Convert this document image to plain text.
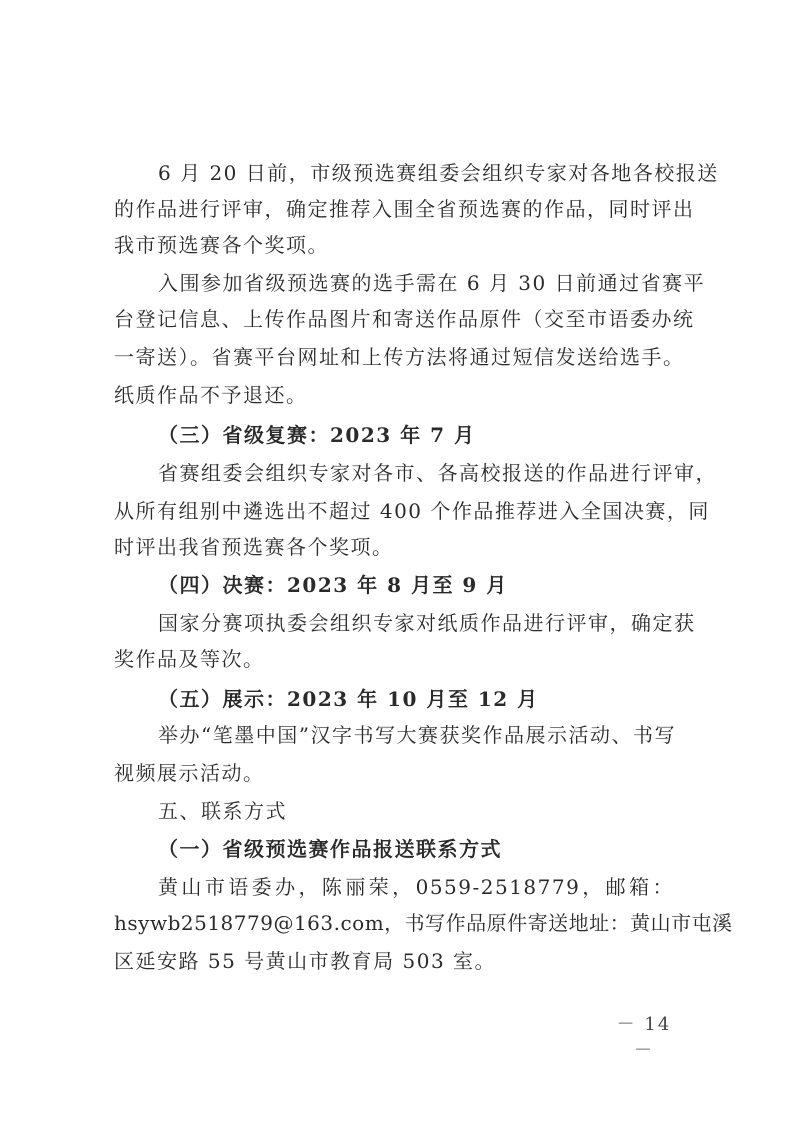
6 月 20 日前，市级预选赛组委会组织专家对各地各校报送
的作品进行评审，确定推荐入围全省预选赛的作品，同时评出
我市预选赛各个奖项。
入围参加省级预选赛的选手需在 6 月 30 日前通过省赛平
台登记信息、上传作品图片和寄送作品原件（交至市语委办统
一寄送）。省赛平台网址和上传方法将通过短信发送给选手。
纸质作品不予退还。
（三）省级复赛：2023 年 7 月
省赛组委会组织专家对各市、各高校报送的作品进行评审，
从所有组别中遴选出不超过 400 个作品推荐进入全国决赛，同
时评出我省预选赛各个奖项。
（四）决赛：2023 年 8 月至 9 月
国家分赛项执委会组织专家对纸质作品进行评审，确定获
奖作品及等次。
（五）展示：2023 年 10 月至 12 月
举办“笔墨中国”汉字书写大赛获奖作品展示活动、书写
视频展示活动。
五、联系方式
（一）省级预选赛作品报送联系方式
黄山市语委办，陈丽荣，0559-2518779，邮箱：
hsywb2518779@163.com，书写作品原件寄送地址：黄山市屯溪
区延安路 55 号黄山市教育局 503 室。
－ 14 －
